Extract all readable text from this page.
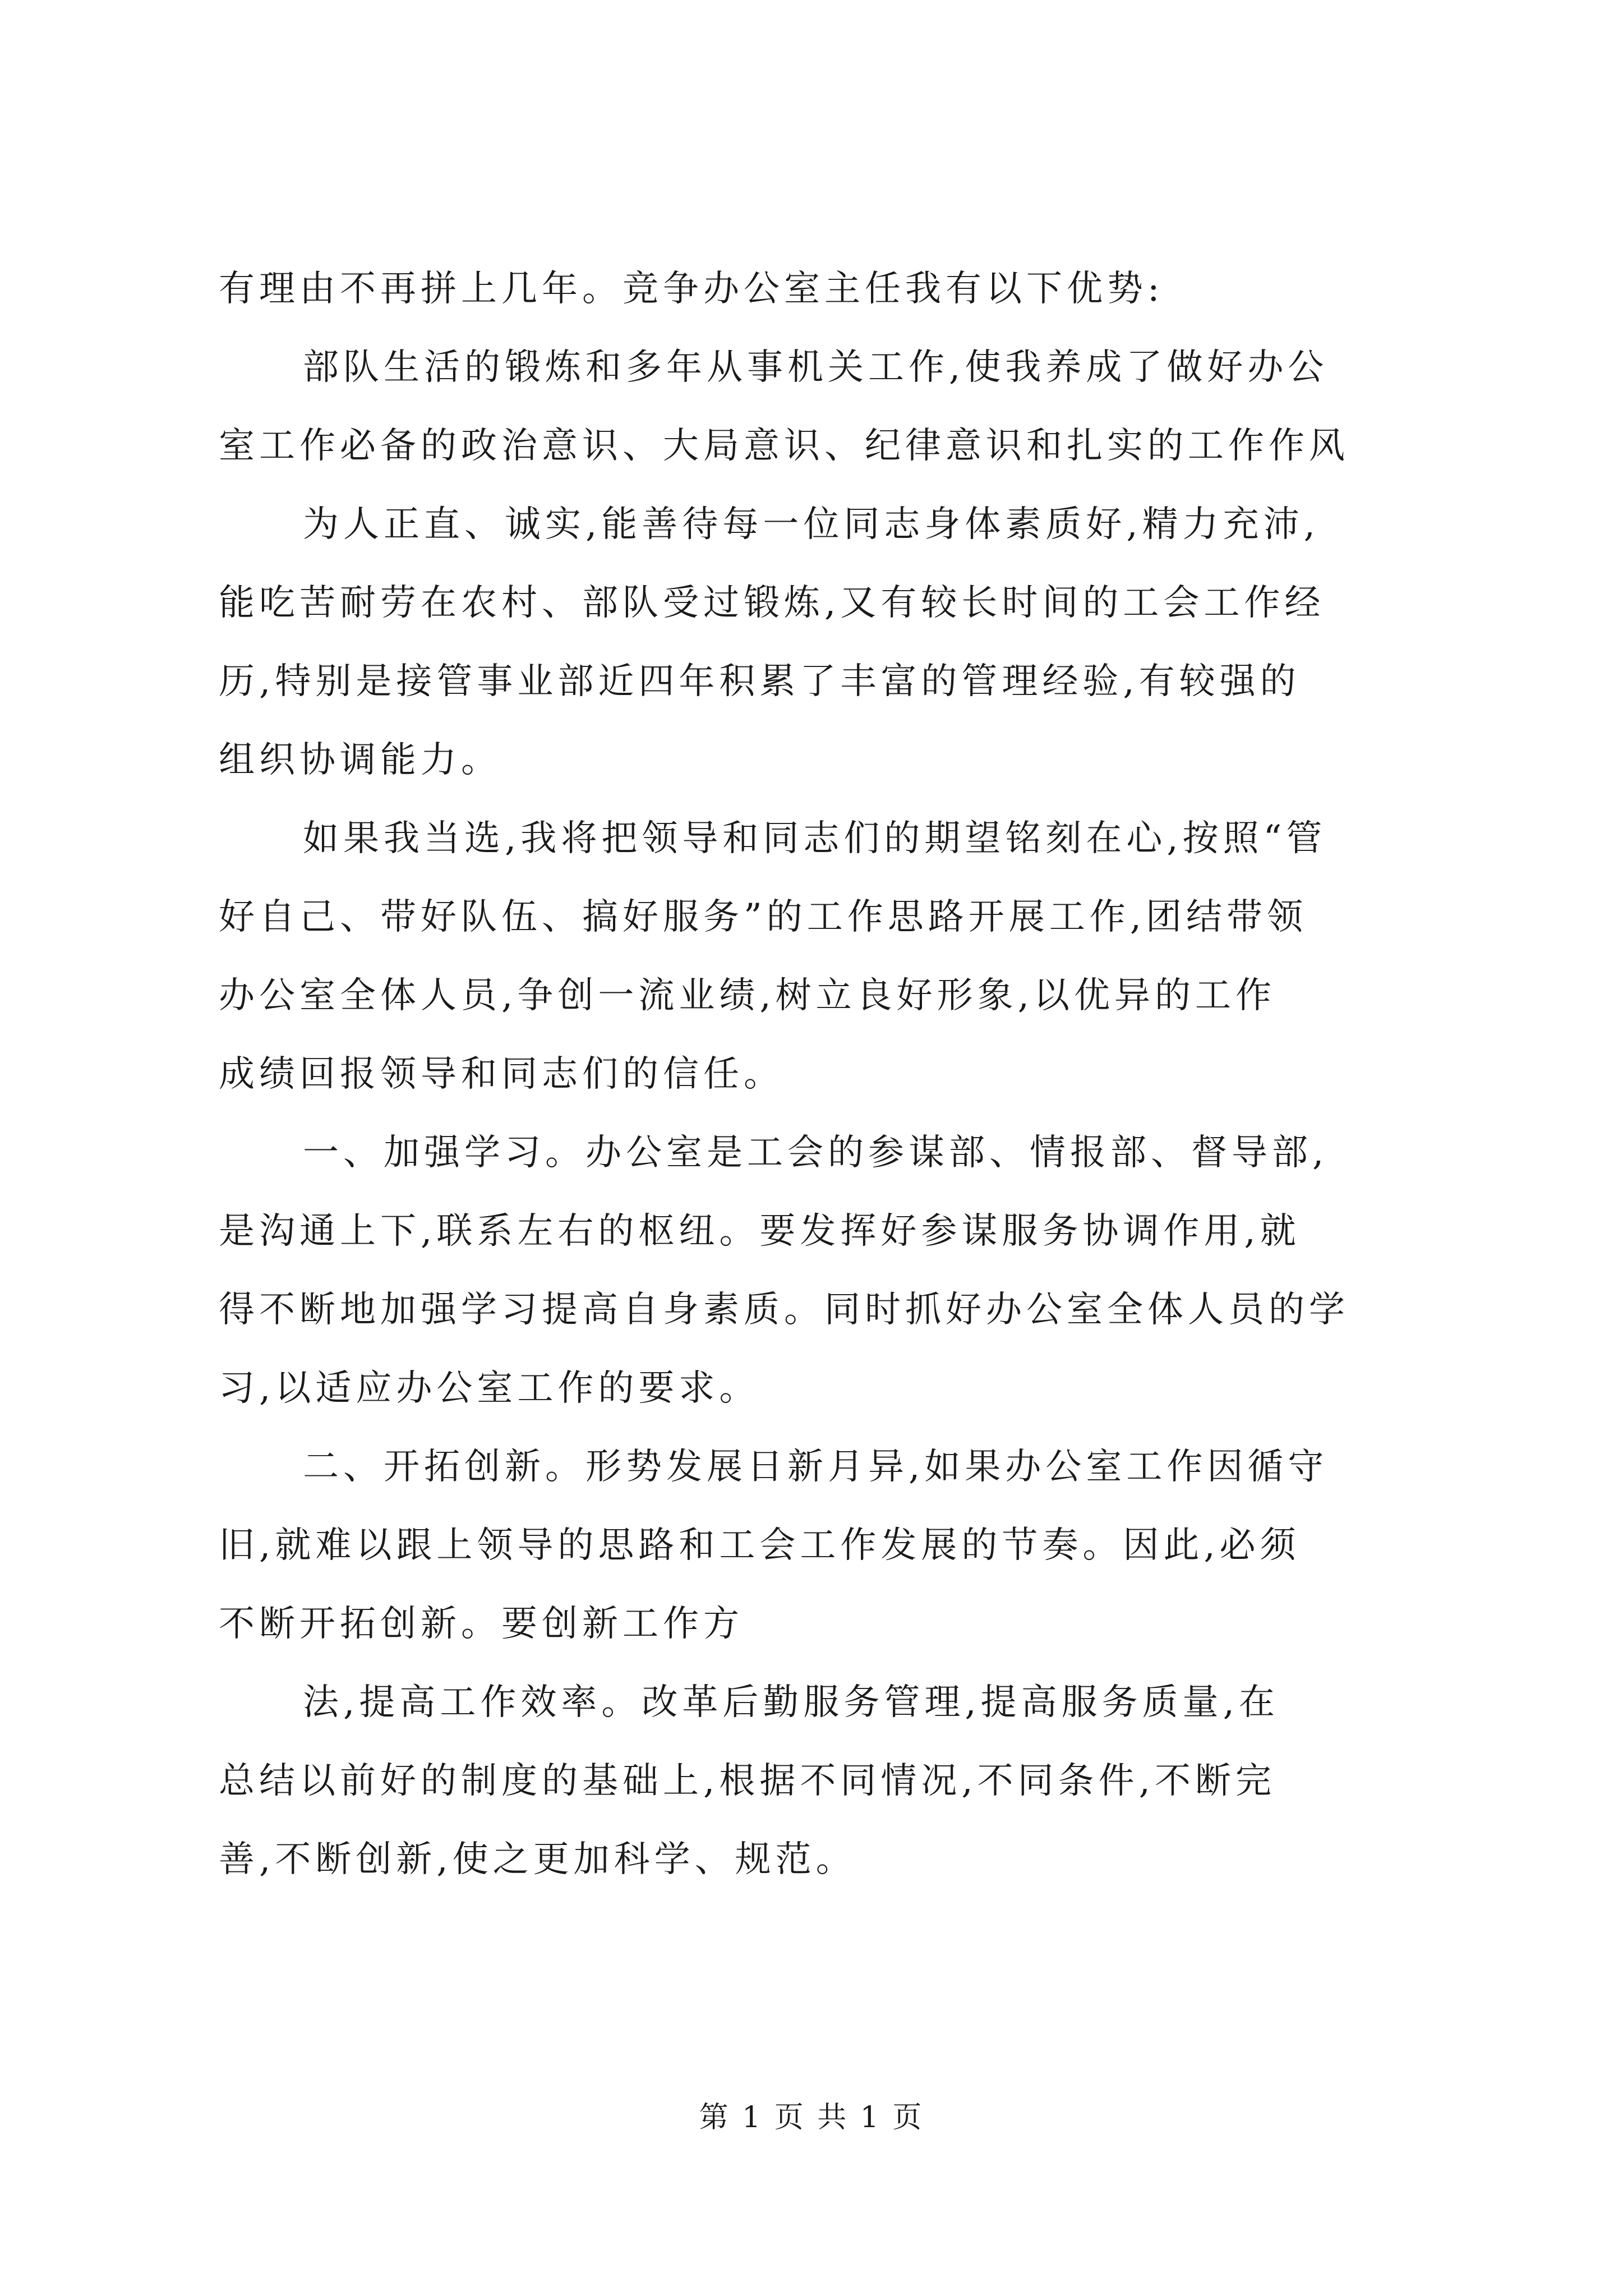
有理由不再拼上几年。竞争办公室主任我有以下优势:
部队生活的锻炼和多年从事机关工作,使我养成了做好办公
室工作必备的政治意识、大局意识、纪律意识和扎实的工作作风
为人正直、诚实,能善待每一位同志身体素质好,精力充沛,
能吃苦耐劳在农村、部队受过锻炼,又有较长时间的工会工作经
历,特别是接管事业部近四年积累了丰富的管理经验,有较强的
组织协调能力。
如果我当选,我将把领导和同志们的期望铭刻在心,按照“管
好自己、带好队伍、搞好服务”的工作思路开展工作,团结带领
办公室全体人员,争创一流业绩,树立良好形象,以优异的工作
成绩回报领导和同志们的信任。
一、加强学习。办公室是工会的参谋部、情报部、督导部,
是沟通上下,联系左右的枢纽。要发挥好参谋服务协调作用,就
得不断地加强学习提高自身素质。同时抓好办公室全体人员的学
习,以适应办公室工作的要求。
二、开拓创新。形势发展日新月异,如果办公室工作因循守
旧,就难以跟上领导的思路和工会工作发展的节奏。因此,必须
不断开拓创新。要创新工作方
法,提高工作效率。改革后勤服务管理,提高服务质量,在
总结以前好的制度的基础上,根据不同情况,不同条件,不断完
善,不断创新,使之更加科学、规范。
第 1 页 共 1 页
